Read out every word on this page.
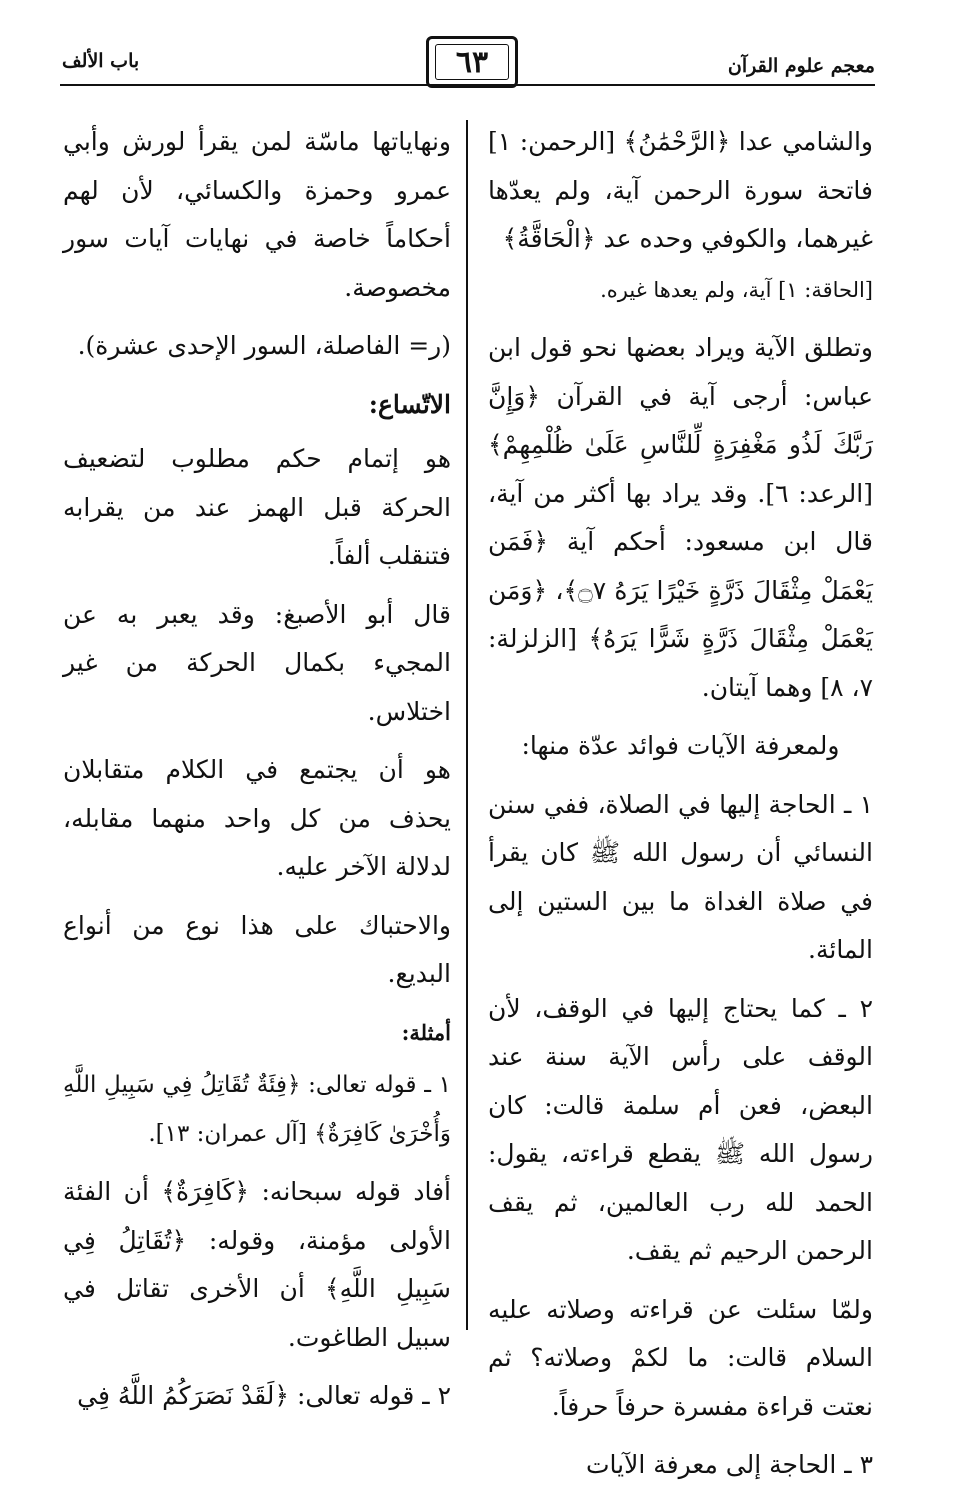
معجم علوم القرآن
٦٣
باب الألف

والشامي عدا ﴿الرَّحْمَٰنُ﴾ [الرحمن: ١] فاتحة سورة الرحمن آية، ولم يعدّها غيرهما، والكوفي وحده عد ﴿الْحَاقَّةُ﴾

[الحاقة: ١] آية، ولم يعدها غيره.

وتطلق الآية ويراد بعضها نحو قول ابن عباس: أرجى آية في القرآن ﴿وَإِنَّ رَبَّكَ لَذُو مَغْفِرَةٍ لِّلنَّاسِ عَلَىٰ ظُلْمِهِمْ﴾ [الرعد: ٦]. وقد يراد بها أكثر من آية، قال ابن مسعود: أحكم آية ﴿فَمَن يَعْمَلْ مِثْقَالَ ذَرَّةٍ خَيْرًا يَرَهُ ۝٧﴾، ﴿وَمَن يَعْمَلْ مِثْقَالَ ذَرَّةٍ شَرًّا يَرَهُ﴾ [الزلزلة: ٧، ٨] وهما آيتان.

ولمعرفة الآيات فوائد عدّة منها:

١ ـ الحاجة إليها في الصلاة، ففي سنن النسائي أن رسول الله ﷺ كان يقرأ في صلاة الغداة ما بين الستين إلى المائة.

٢ ـ كما يحتاج إليها في الوقف، لأن الوقف على رأس الآية سنة عند البعض، فعن أم سلمة قالت: كان رسول الله ﷺ يقطع قراءته، يقول: الحمد لله رب العالمين، ثم يقف الرحمن الرحيم ثم يقف.

ولمّا سئلت عن قراءته وصلاته عليه السلام قالت: ما لكمْ وصلاته؟ ثم نعتت قراءة مفسرة حرفاً حرفاً.

٣ ـ الحاجة إلى معرفة الآيات

ونهاياتها ماسّة لمن يقرأ لورش وأبي عمرو وحمزة والكسائي، لأن لهم أحكاماً خاصة في نهايات آيات سور مخصوصة.

(ر= الفاصلة، السور الإحدى عشرة).

الاتّساع:

هو إتمام حكم مطلوب لتضعيف الحركة قبل الهمز عند من يقرابه فتنقلب ألفاً.

قال أبو الأصبغ: وقد يعبر به عن المجيء بكمال الحركة من غير اختلاس.

هو أن يجتمع في الكلام متقابلان يحذف من كل واحد منهما مقابله، لدلالة الآخر عليه.

والاحتباك على هذا نوع من أنواع البديع.

أمثلة:

١ ـ قوله تعالى: ﴿فِئَةٌ تُقَاتِلُ فِي سَبِيلِ اللَّهِ وَأُخْرَىٰ كَافِرَةٌ﴾ [آل عمران: ١٣].

أفاد قوله سبحانه: ﴿كَافِرَةٌ﴾ أن الفئة الأولى مؤمنة، وقوله: ﴿تُقَاتِلُ فِي سَبِيلِ اللَّهِ﴾ أن الأخرى تقاتل في سبيل الطاغوت.

٢ ـ قوله تعالى: ﴿لَقَدْ نَصَرَكُمُ اللَّهُ فِي
